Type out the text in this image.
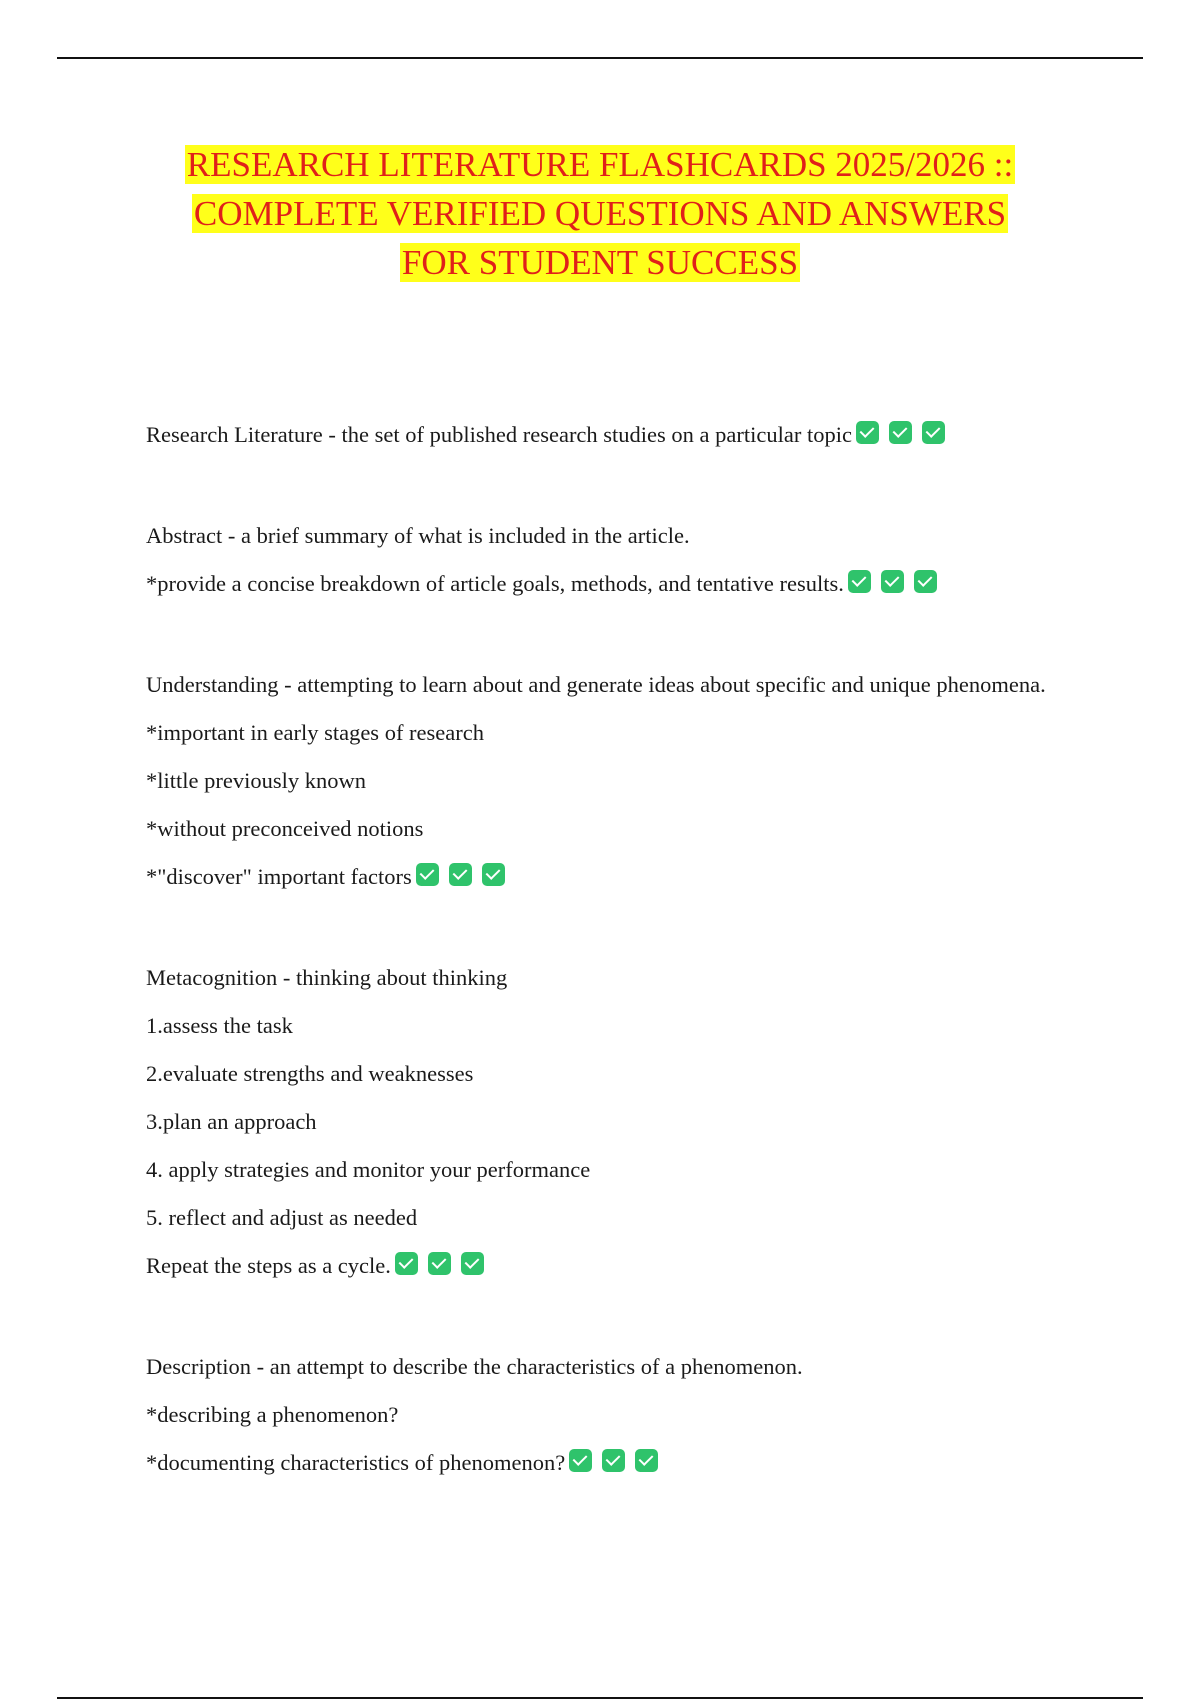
RESEARCH LITERATURE FLASHCARDS 2025/2026 ::
COMPLETE VERIFIED QUESTIONS AND ANSWERS
FOR STUDENT SUCCESS

Research Literature - the set of published research studies on a particular topic

Abstract - a brief summary of what is included in the article.

*provide a concise breakdown of article goals, methods, and tentative results.

Understanding - attempting to learn about and generate ideas about specific and unique phenomena.

*important in early stages of research

*little previously known

*without preconceived notions

*"discover" important factors

Metacognition - thinking about thinking

1.assess the task

2.evaluate strengths and weaknesses

3.plan an approach

4. apply strategies and monitor your performance

5. reflect and adjust as needed

Repeat the steps as a cycle.

Description - an attempt to describe the characteristics of a phenomenon.

*describing a phenomenon?

*documenting characteristics of phenomenon?
